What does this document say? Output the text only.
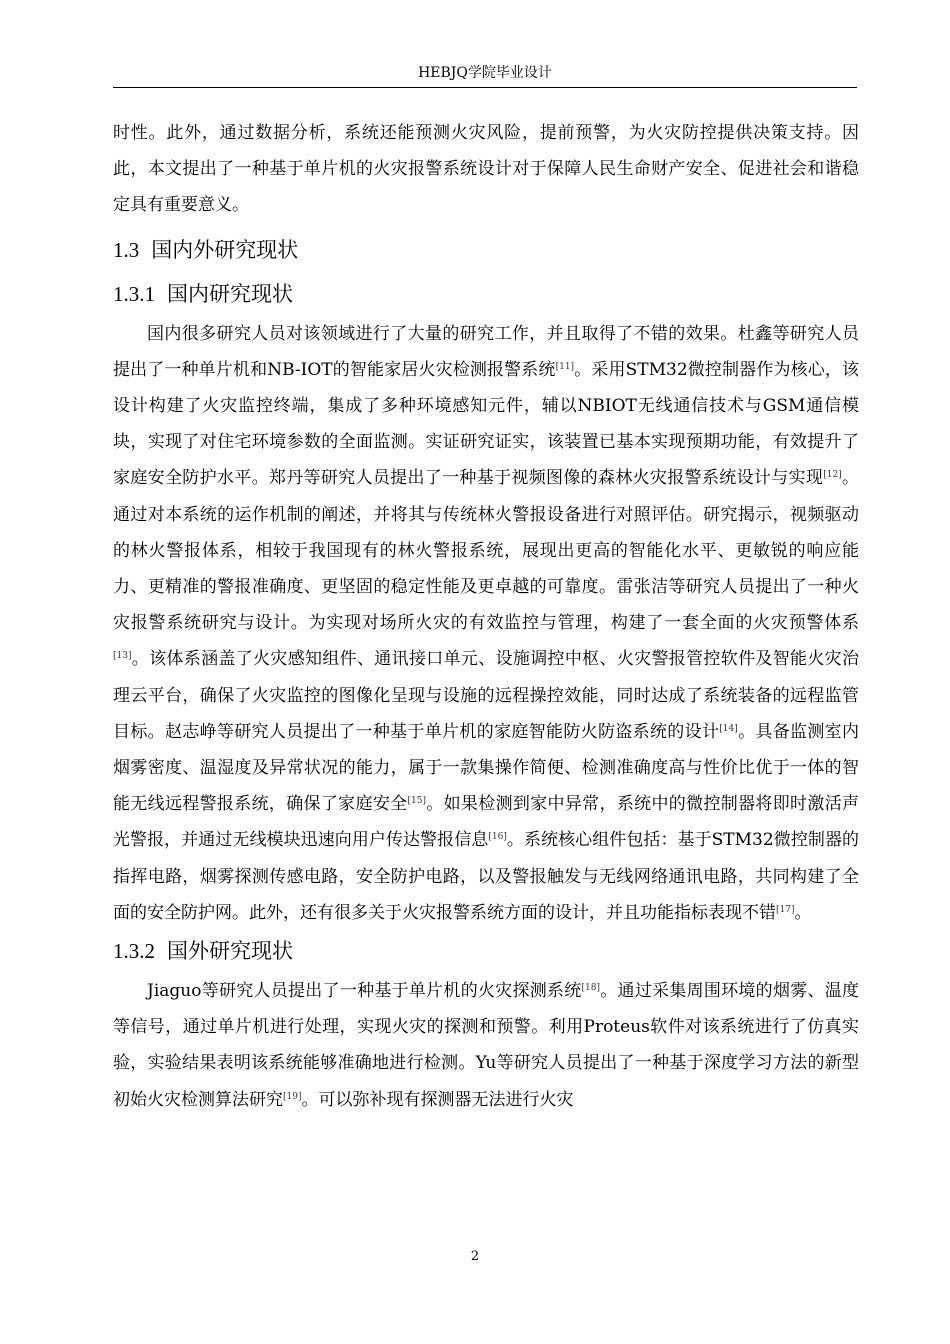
HEBJQ学院毕业设计

时性。此外，通过数据分析，系统还能预测火灾风险，提前预警，为火灾防控提供决策支持。因此，本文提出了一种基于单片机的火灾报警系统设计对于保障人民生命财产安全、促进社会和谐稳定具有重要意义。

1.3 国内外研究现状
1.3.1 国内研究现状

国内很多研究人员对该领域进行了大量的研究工作，并且取得了不错的效果。杜鑫等研究人员提出了一种单片机和NB-IOT的智能家居火灾检测报警系统[11]。采用STM32微控制器作为核心，该设计构建了火灾监控终端，集成了多种环境感知元件，辅以NBIOT无线通信技术与GSM通信模块，实现了对住宅环境参数的全面监测。实证研究证实，该装置已基本实现预期功能，有效提升了家庭安全防护水平。郑丹等研究人员提出了一种基于视频图像的森林火灾报警系统设计与实现[12]。通过对本系统的运作机制的阐述，并将其与传统林火警报设备进行对照评估。研究揭示，视频驱动的林火警报体系，相较于我国现有的林火警报系统，展现出更高的智能化水平、更敏锐的响应能力、更精准的警报准确度、更坚固的稳定性能及更卓越的可靠度。雷张洁等研究人员提出了一种火灾报警系统研究与设计。为实现对场所火灾的有效监控与管理，构建了一套全面的火灾预警体系[13]。该体系涵盖了火灾感知组件、通讯接口单元、设施调控中枢、火灾警报管控软件及智能火灾治理云平台，确保了火灾监控的图像化呈现与设施的远程操控效能，同时达成了系统装备的远程监管目标。赵志峥等研究人员提出了一种基于单片机的家庭智能防火防盗系统的设计[14]。具备监测室内烟雾密度、温湿度及异常状况的能力，属于一款集操作简便、检测准确度高与性价比优于一体的智能无线远程警报系统，确保了家庭安全[15]。如果检测到家中异常，系统中的微控制器将即时激活声光警报，并通过无线模块迅速向用户传达警报信息[16]。系统核心组件包括：基于STM32微控制器的指挥电路，烟雾探测传感电路，安全防护电路，以及警报触发与无线网络通讯电路，共同构建了全面的安全防护网。此外，还有很多关于火灾报警系统方面的设计，并且功能指标表现不错[17]。

1.3.2 国外研究现状

Jiaguo等研究人员提出了一种基于单片机的火灾探测系统[18]。通过采集周围环境的烟雾、温度等信号，通过单片机进行处理，实现火灾的探测和预警。利用Proteus软件对该系统进行了仿真实验，实验结果表明该系统能够准确地进行检测。Yu等研究人员提出了一种基于深度学习方法的新型初始火灾检测算法研究[19]。可以弥补现有探测器无法进行火灾

2
